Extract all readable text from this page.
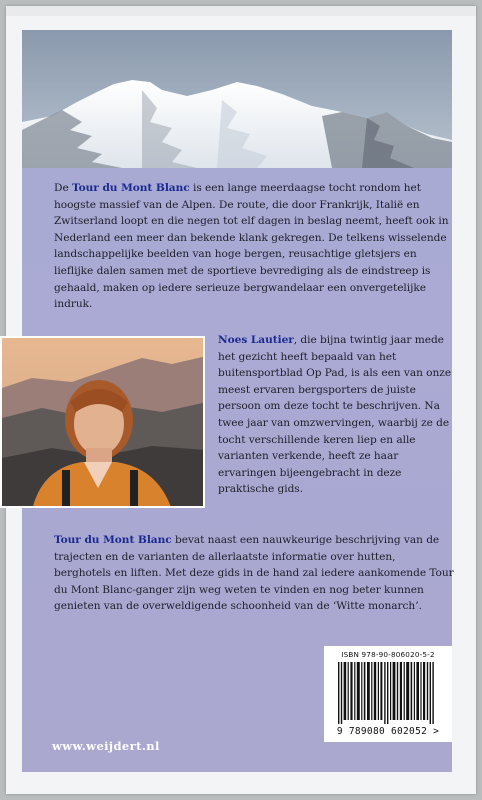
De Tour du Mont Blanc is een lange meerdaagse tocht rondom het hoogste massief van de Alpen. De route, die door Frankrijk, Italië en Zwitserland loopt en die negen tot elf dagen in beslag neemt, heeft ook in Nederland een meer dan bekende klank gekregen. De telkens wisselende landschappelijke beelden van hoge bergen, reusachtige gletsjers en lieflijke dalen samen met de sportieve bevrediging als de eindstreep is gehaald, maken op iedere serieuze bergwandelaar een onvergetelijke indruk.

Noes Lautier, die bijna twintig jaar mede het gezicht heeft bepaald van het buitensportblad Op Pad, is als een van onze meest ervaren bergsporters de juiste persoon om deze tocht te beschrijven. Na twee jaar van omzwervingen, waarbij ze de tocht verschillende keren liep en alle varianten verkende, heeft ze haar ervaringen bijeengebracht in deze praktische gids.

Tour du Mont Blanc bevat naast een nauwkeurige beschrijving van de trajecten en de varianten de allerlaatste informatie over hutten, berghotels en liften. Met deze gids in de hand zal iedere aankomende Tour du Mont Blanc-ganger zijn weg weten te vinden en nog beter kunnen genieten van de overweldigende schoonheid van de ‘Witte monarch’.

ISBN 978-90-806020-5-2
9 789080 602052 >
www.weijdert.nl
